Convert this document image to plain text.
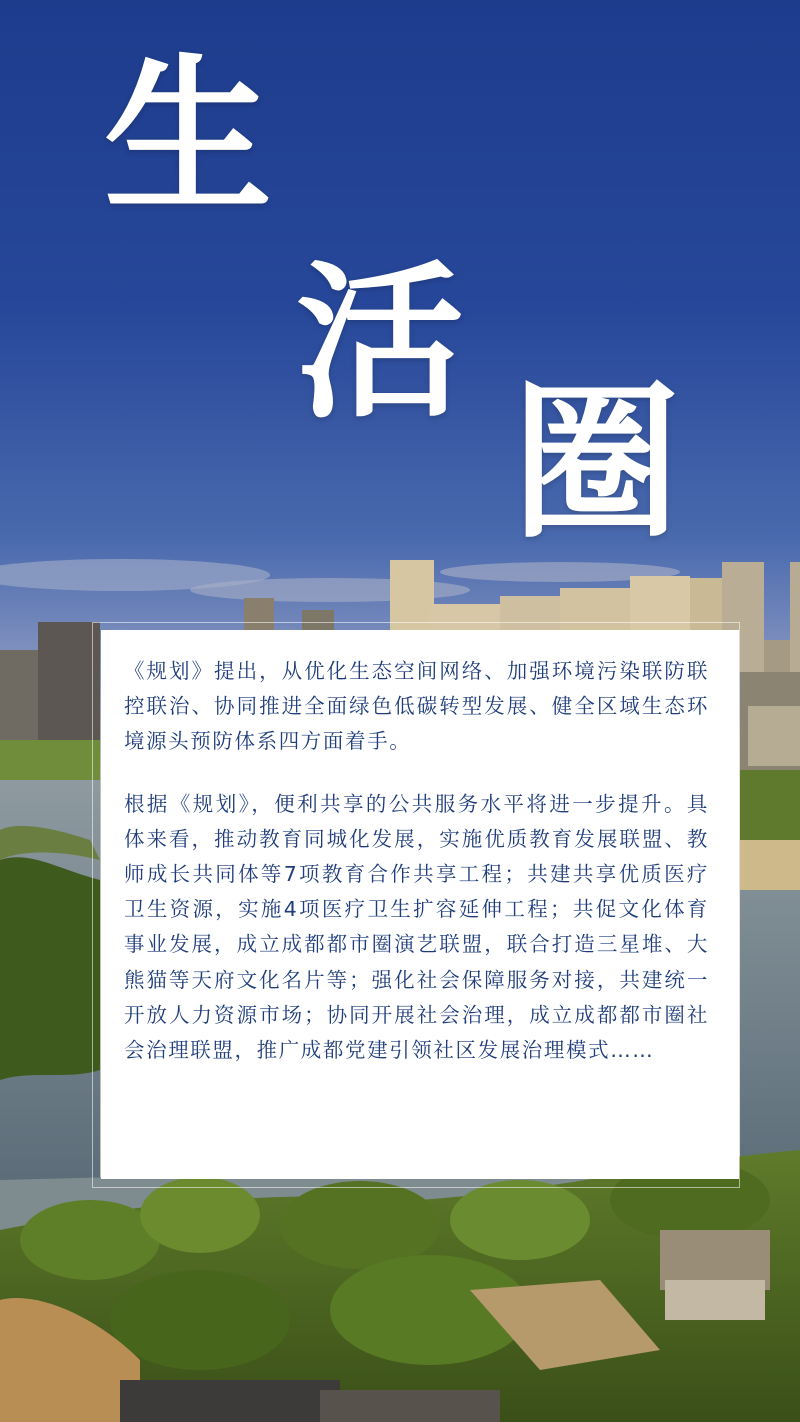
生
活
圈

《规划》提出，从优化生态空间网络、加强环境污染联防联控联治、协同推进全面绿色低碳转型发展、健全区域生态环境源头预防体系四方面着手。

根据《规划》，便利共享的公共服务水平将进一步提升。具体来看，推动教育同城化发展，实施优质教育发展联盟、教师成长共同体等7项教育合作共享工程；共建共享优质医疗卫生资源，实施4项医疗卫生扩容延伸工程；共促文化体育事业发展，成立成都都市圈演艺联盟，联合打造三星堆、大熊猫等天府文化名片等；强化社会保障服务对接，共建统一开放人力资源市场；协同开展社会治理，成立成都都市圈社会治理联盟，推广成都党建引领社区发展治理模式……
